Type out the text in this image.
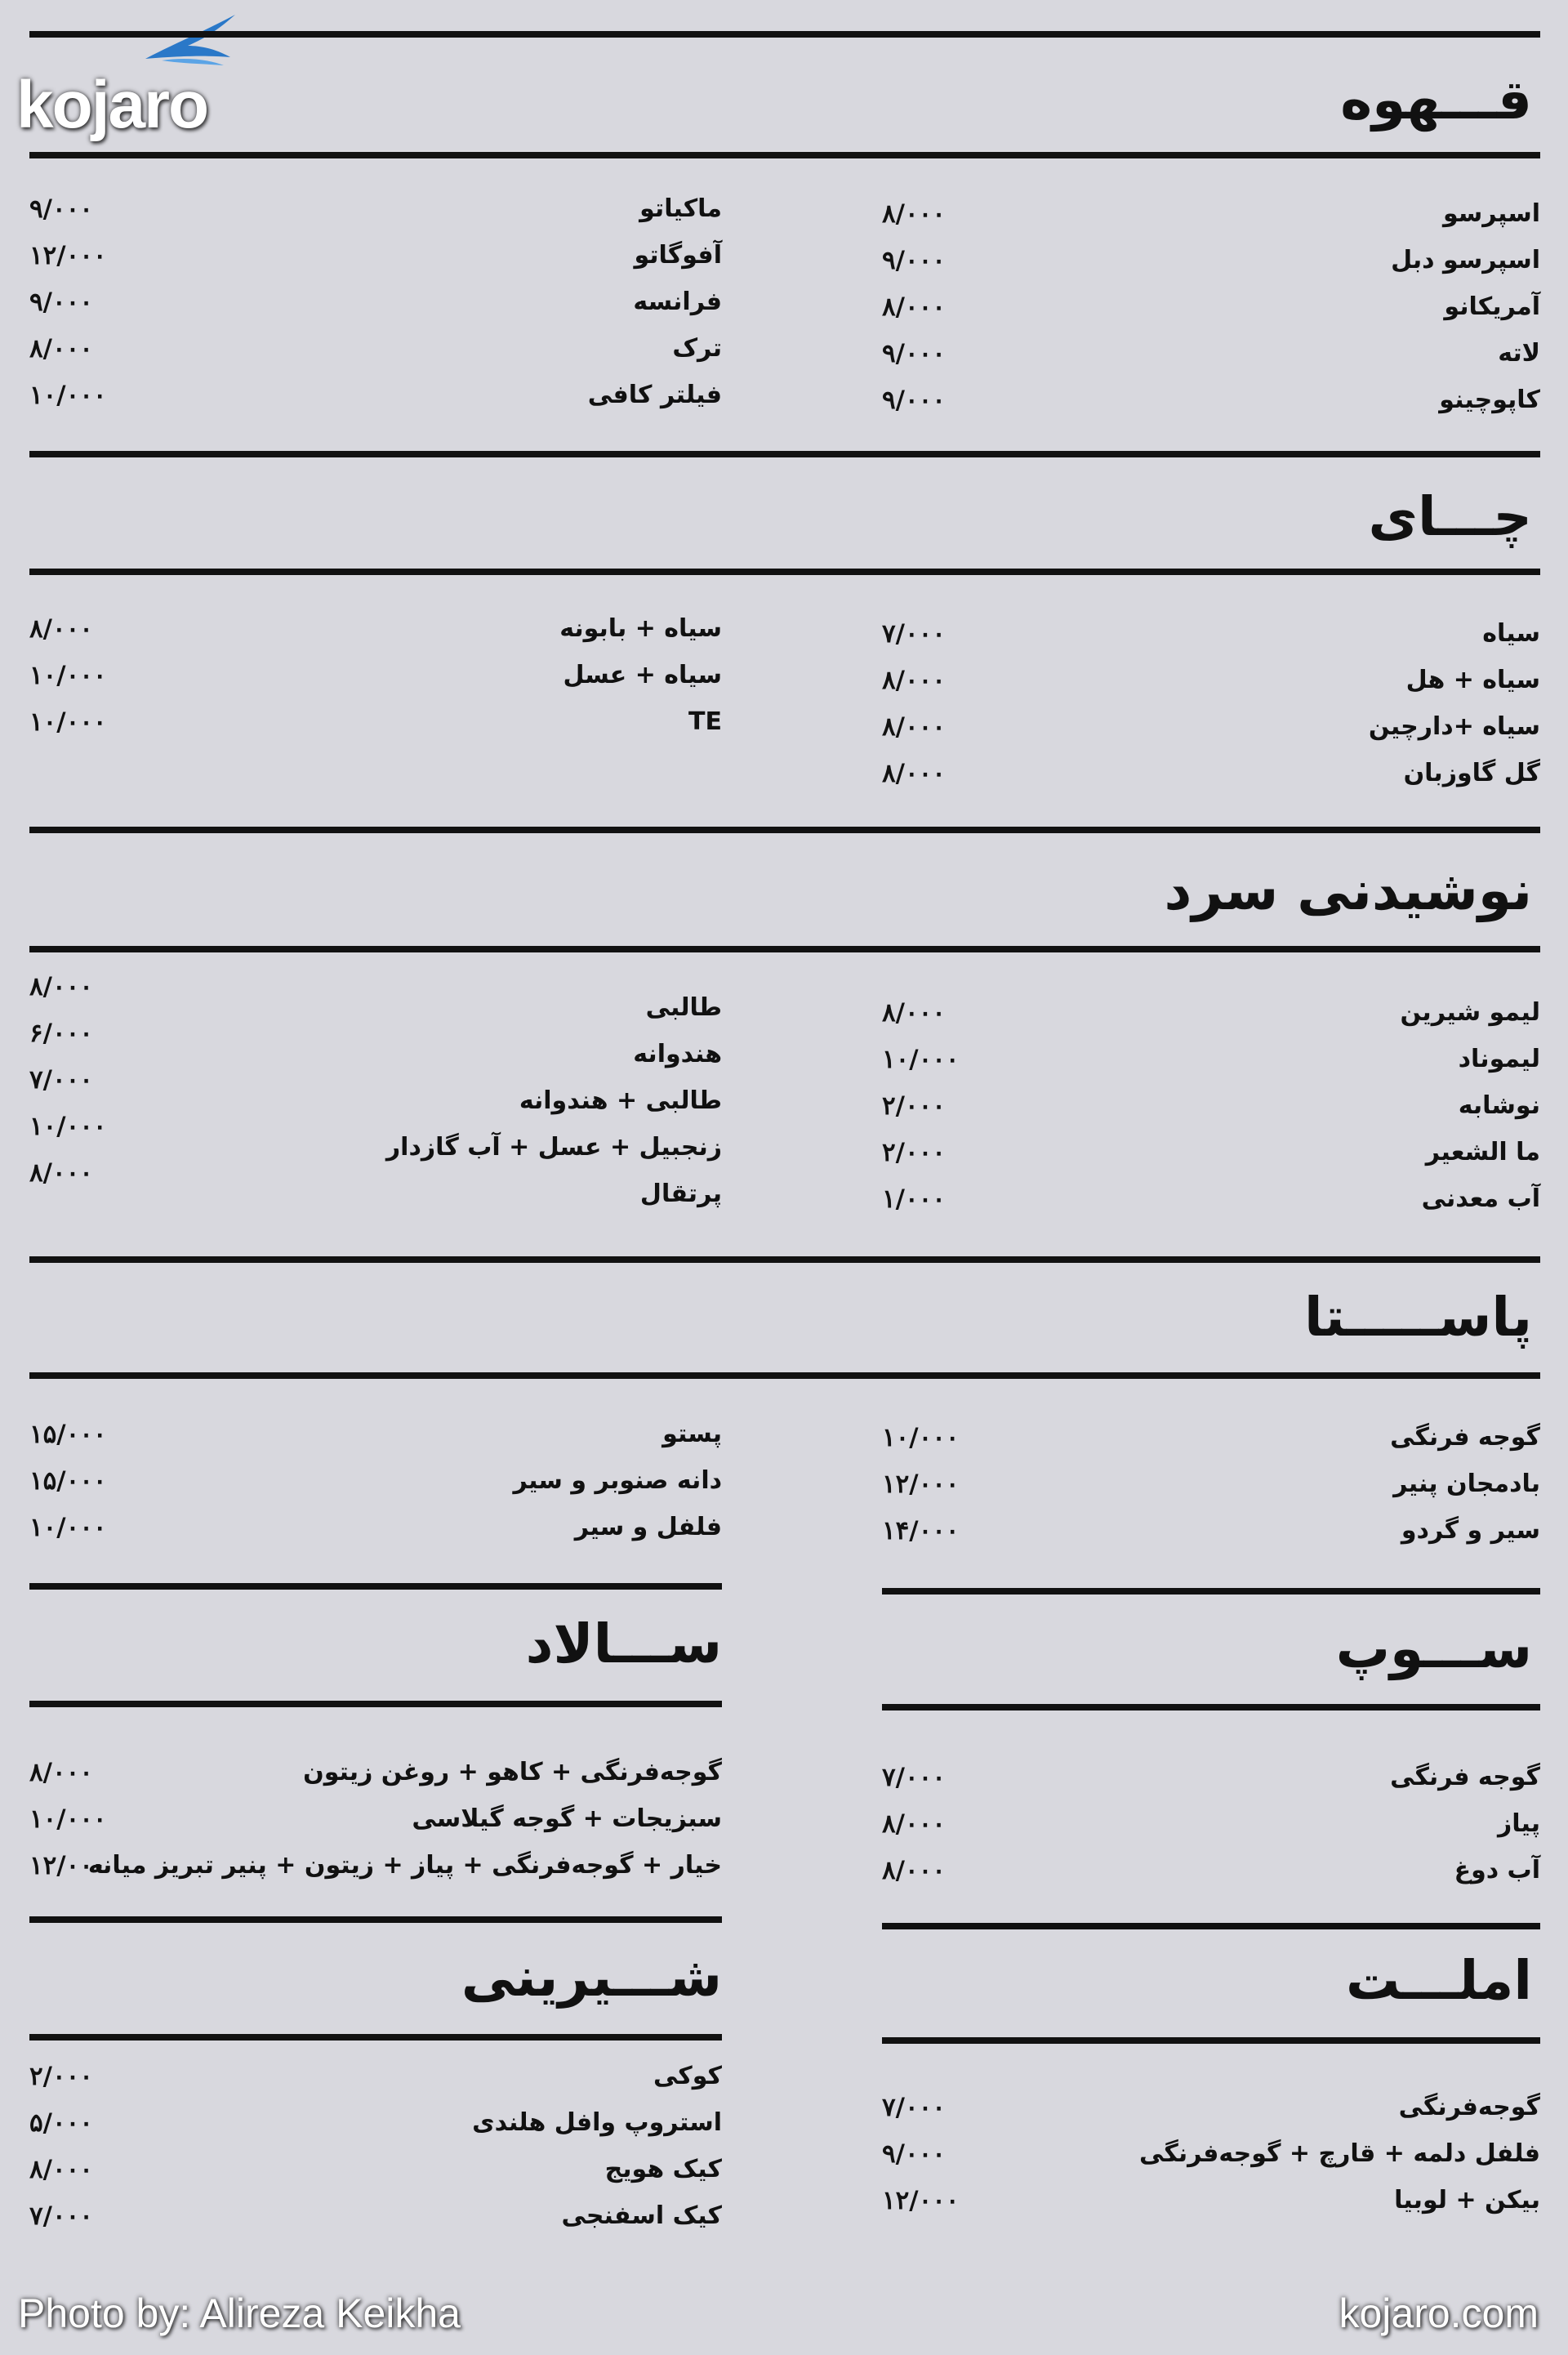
kojaro	قـــهوه
اسپرسو
۸/۰۰۰
اسپرسو دبل
۹/۰۰۰
آمریکانو
۸/۰۰۰
لاته
۹/۰۰۰
کاپوچینو
۹/۰۰۰
ماکیاتو
۹/۰۰۰
آفوگاتو
۱۲/۰۰۰
فرانسه
۹/۰۰۰
ترک
۸/۰۰۰
فیلتر کافی
۱۰/۰۰۰
چـــای
سیاه
۷/۰۰۰
سیاه + هل
۸/۰۰۰
سیاه +دارچین
۸/۰۰۰
گل گاوزبان
۸/۰۰۰
سیاه + بابونه
۸/۰۰۰
سیاه + عسل
۱۰/۰۰۰
TE
۱۰/۰۰۰
نوشیدنی سرد
لیمو شیرین
۸/۰۰۰
لیموناد
۱۰/۰۰۰
نوشابه
۲/۰۰۰
ما الشعیر
۲/۰۰۰
آب معدنی
۱/۰۰۰
۸/۰۰۰
۶/۰۰۰
۷/۰۰۰
۱۰/۰۰۰
۸/۰۰۰
طالبی
هندوانه
طالبی + هندوانه
زنجبیل + عسل + آب گازدار
پرتقال
پاســـــتا
گوجه فرنگی
۱۰/۰۰۰
بادمجان پنیر
۱۲/۰۰۰
سیر و گردو
۱۴/۰۰۰
پستو
۱۵/۰۰۰
دانه صنوبر و سیر
۱۵/۰۰۰
فلفل و سیر
۱۰/۰۰۰
ســـوپ
گوجه فرنگی
۷/۰۰۰
پیاز
۸/۰۰۰
آب دوغ
۸/۰۰۰
ســـالاد
گوجه‌فرنگی + کاهو + روغن زیتون
۸/۰۰۰
سبزیجات + گوجه گیلاسی
۱۰/۰۰۰
خیار + گوجه‌فرنگی + پیاز + زیتون + پنیر تبریز میانه
۱۲/۰۰۰
املـــت
گوجه‌فرنگی
۷/۰۰۰
فلفل دلمه + قارچ + گوجه‌فرنگی
۹/۰۰۰
بیکن + لوبیا
۱۲/۰۰۰
شـــیرینی
کوکی
۲/۰۰۰
استروپ وافل هلندی
۵/۰۰۰
کیک هویج
۸/۰۰۰
کیک اسفنجی
۷/۰۰۰
Photo by: Alireza Keikha	kojaro.com
